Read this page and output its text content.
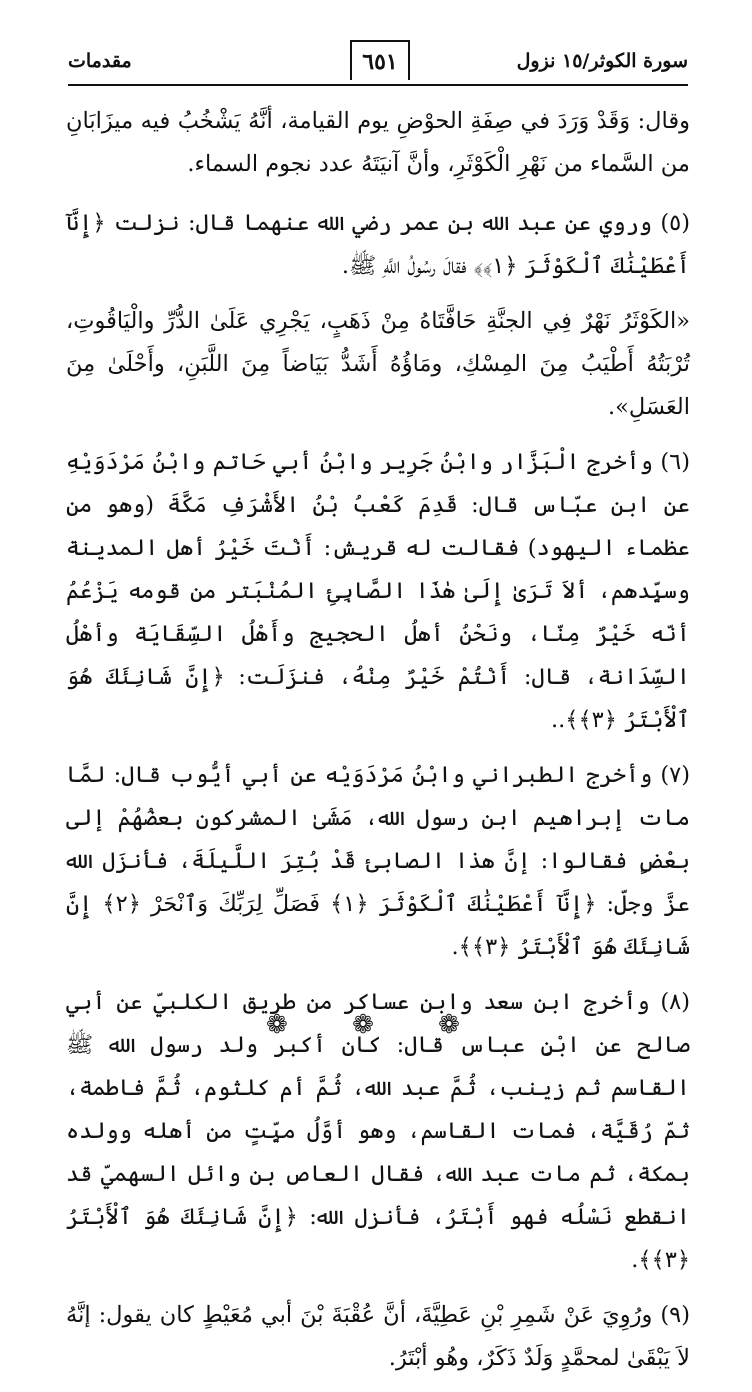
سورة الكوثر/١٥ نزول
٦٥١
مقدمات

وقال: وَقَدْ وَرَدَ في صِفَةِ الحوْضِ يوم القيامة، أنَّهُ يَشْخُبُ فيه ميزَابَانِ من السَّماء من نَهْرِ الْكَوْثَرِ، وأنَّ آنيَتَهُ عدد نجوم السماء.

(٥) وروي عن عبد الله بن عمر رضي الله عنهما قال: نزلت ﴿إِنَّآ أَعْطَيْنَٰكَ ٱلْكَوْثَرَ ﴿١﴾﴾ فقالَ رسُولُ اللَّهِ ﷺ.

«الكَوْثَرُ نَهْرٌ فِي الجنَّةِ حَافَّتَاهُ مِنْ ذَهَبٍ، يَجْرِي عَلَىٰ الدُّرِّ والْيَاقُوتِ، تُرْبَتُهُ أَطْيَبُ مِنَ المِسْكِ، ومَاؤُهُ أَشَدُّ بَيَاضاً مِنَ اللَّبَنِ، وأَحْلَىٰ مِنَ العَسَلِ».

(٦) وأخرج الْبَزَّار وابْنُ جَرِير وابْنُ أبي حَاتم وابْنُ مَرْدَوَيْهِ عن ابن عبّاس قال: قَدِمَ كَعْبُ بْنُ الأَشْرَفِ مَكَّةَ (وهو من عظماء اليهود) فقالت له قريش: أَنْتَ خَيْرُ أهل المدينة وسيِّدهم، ألاَ تَرَىٰ إِلَىٰ هٰذَا الصَّابِئِ المُنْبَتر من قومه يَزْعُمُ أنّه خَيْرٌ مِنّا، ونَحْنُ أهلُ الحجيج وأَهْلُ السِّقَايَة وأهْلُ السِّدَانة، قال: أَنْتُمْ خَيْرٌ مِنْهُ، فنزَلَت: ﴿إِنَّ شَانِئَكَ هُوَ ٱلْأَبْتَرُ ﴿٣﴾﴾..

(٧) وأخرج الطبراني وابْنُ مَرْدَوَيْه عن أبي أيُّوب قال: لمَّا مات إبراهيم ابن رسول الله، مَشَىٰ المشركون بعضُهُمْ إلى بعْضٍ فقالوا: إنَّ هذا الصابئ قَدْ بُتِرَ اللَّيلَةَ، فأنزَل الله عزَّ وجلّ: ﴿إِنَّآ أَعْطَيْنَٰكَ ٱلْكَوْثَرَ ﴿١﴾ فَصَلِّ لِرَبِّكَ وَٱنْحَرْ ﴿٢﴾ إِنَّ شَانِئَكَ هُوَ ٱلْأَبْتَرُ ﴿٣﴾﴾.

(٨) وأخرج ابن سعد وابن عساكر من طريق الكلبيّ عن أبي صالح عن ابْنِ عباس قال: كان أكبر ولد رسول الله ﷺ القاسم ثم زينب، ثُمَّ عبد الله، ثُمَّ أم كلثوم، ثُمَّ فاطمة، ثمّ رُقَيَّة، فمات القاسم، وهو أوَّلُ ميِّتٍ من أهله وولده بمكة، ثم مات عبد الله، فقال العاص بن وائل السهميّ قد انقطع نَسْلُه فهو أَبْتَرُ، فأنزل الله: ﴿إِنَّ شَانِئَكَ هُوَ ٱلْأَبْتَرُ ﴿٣﴾﴾.

(٩) ورُوِيَ عَنْ شَمِرِ بْنِ عَطِيَّةَ، أنَّ عُقْبَةَ بْنَ أبي مُعَيْطٍ كان يقول: إنَّهُ لاَ يَبْقَىٰ لمحمَّدٍ وَلَدٌ ذَكَرٌ، وهُو أبْتَرُ.

❁ ❁ ❁
